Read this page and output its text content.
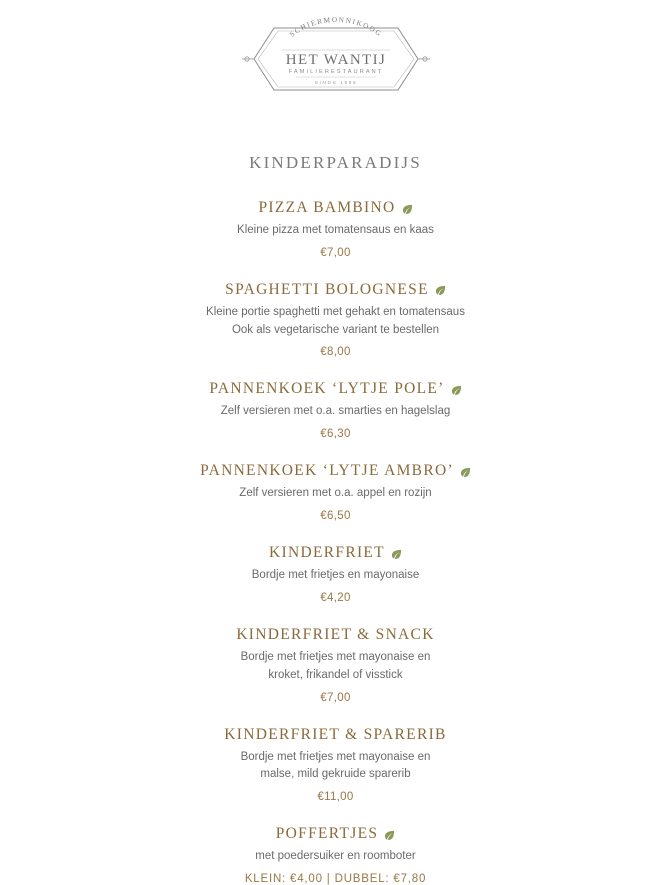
SCHIERMONNIKOOG
HET WANTIJ
FAMILIERESTAURANT
SINDS 1985
KINDERPARADIJS
PIZZA BAMBINO
Kleine pizza met tomatensaus en kaas
€7,00
SPAGHETTI BOLOGNESE
Kleine portie spaghetti met gehakt en tomatensaus
Ook als vegetarische variant te bestellen
€8,00
PANNENKOEK ‘LYTJE POLE’
Zelf versieren met o.a. smarties en hagelslag
€6,30
PANNENKOEK ‘LYTJE AMBRO’
Zelf versieren met o.a. appel en rozijn
€6,50
KINDERFRIET
Bordje met frietjes en mayonaise
€4,20
KINDERFRIET & SNACK
Bordje met frietjes met mayonaise en
kroket, frikandel of visstick
€7,00
KINDERFRIET & SPARERIB
Bordje met frietjes met mayonaise en
malse, mild gekruide sparerib
€11,00
POFFERTJES
met poedersuiker en roomboter
KLEIN: €4,00 | DUBBEL: €7,80
